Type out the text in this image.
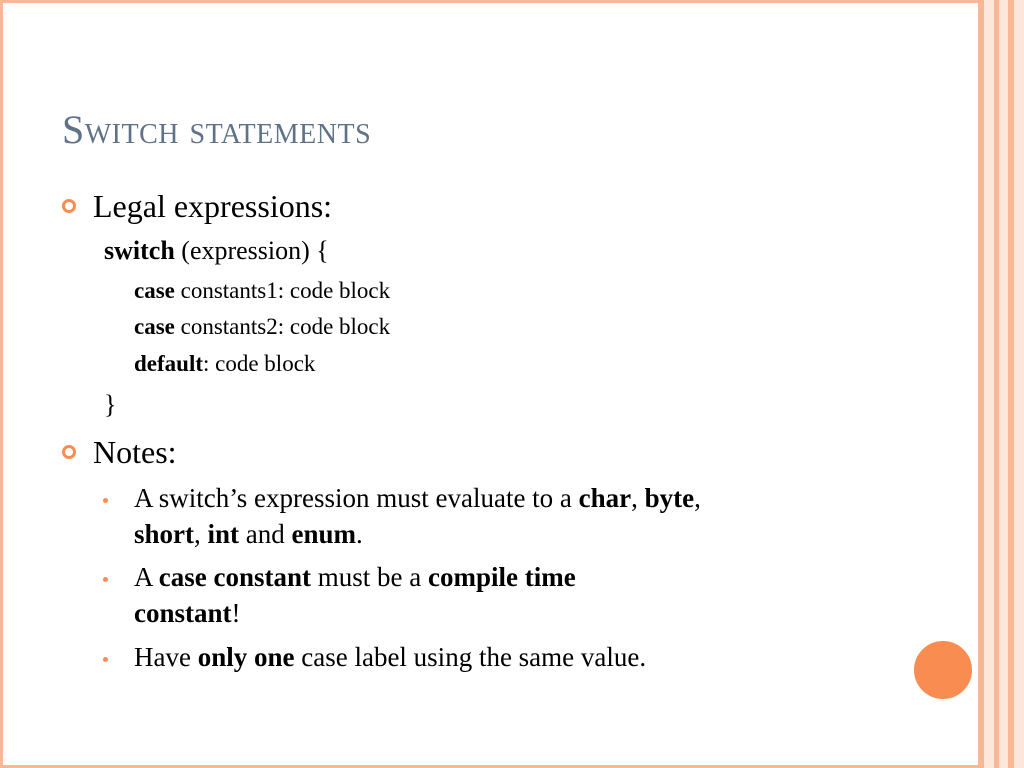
Switch statements
Legal expressions:
switch (expression) {
case constants1: code block
case constants2: code block
default: code block
}
Notes:
A switch’s expression must evaluate to a char, byte,
short, int and enum.
A case constant must be a compile time
constant!
Have only one case label using the same value.
